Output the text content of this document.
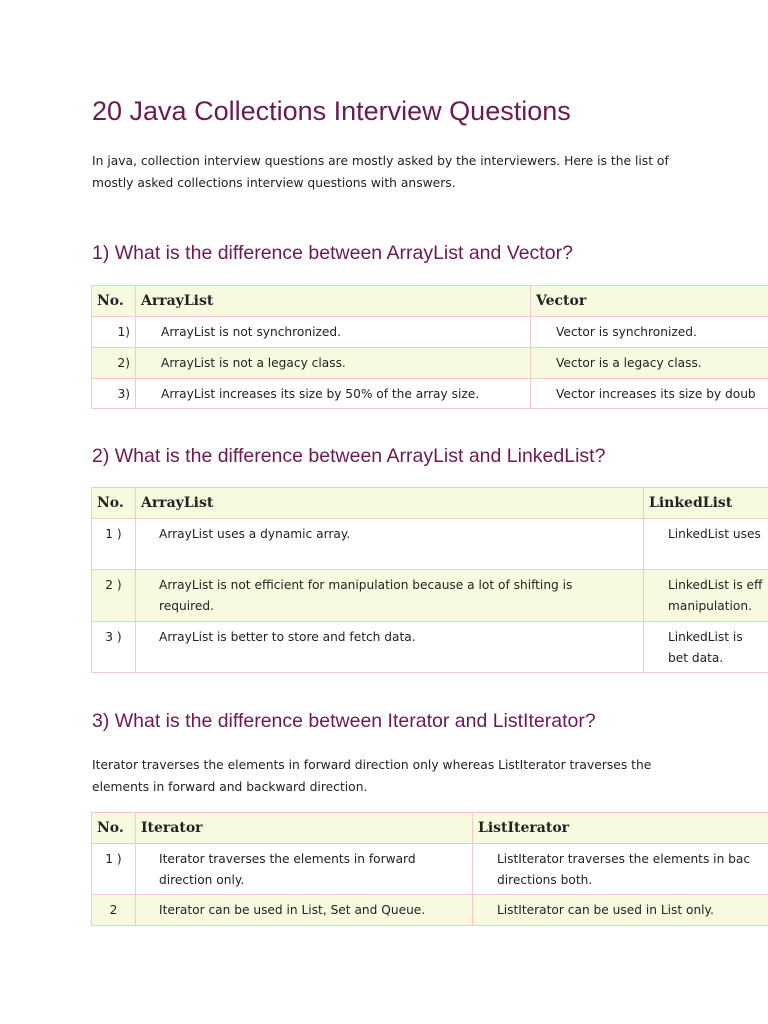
20 Java Collections Interview Questions
In java, collection interview questions are mostly asked by the interviewers. Here is the list of mostly asked collections interview questions with answers.
1) What is the difference between ArrayList and Vector?
No.	ArrayList	Vector
1)	ArrayList is not synchronized.	Vector is synchronized.
2)	ArrayList is not a legacy class.	Vector is a legacy class.
3)	ArrayList increases its size by 50% of the array size.	Vector increases its size by doub
2) What is the difference between ArrayList and LinkedList?
No.	ArrayList	LinkedList
1 )	ArrayList uses a dynamic array.	LinkedList uses
2 )	ArrayList is not efficient for manipulation because a lot of shifting is required.	LinkedList is eff manipulation.
3 )	ArrayList is better to store and fetch data.	LinkedList is bet data.
3) What is the difference between Iterator and ListIterator?
Iterator traverses the elements in forward direction only whereas ListIterator traverses the elements in forward and backward direction.
No.	Iterator	ListIterator
1 )	Iterator traverses the elements in forward direction only.	ListIterator traverses the elements in bac directions both.
2	Iterator can be used in List, Set and Queue.	ListIterator can be used in List only.
